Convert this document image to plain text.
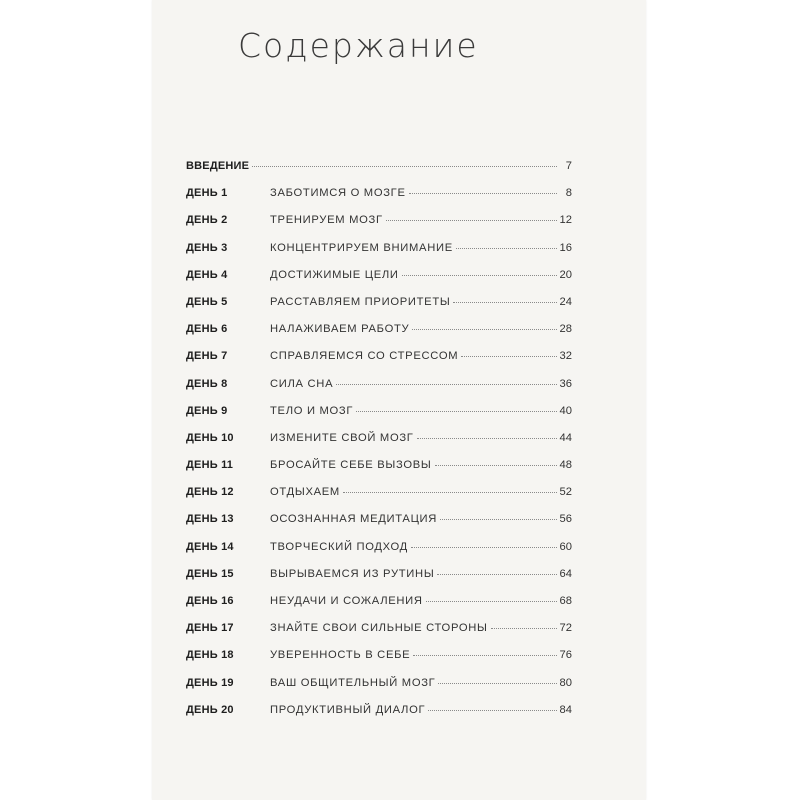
Содержание
ВВЕДЕНИЕ	7
ДЕНЬ 1	ЗАБОТИМСЯ О МОЗГЕ	8
ДЕНЬ 2	ТРЕНИРУЕМ МОЗГ	12
ДЕНЬ 3	КОНЦЕНТРИРУЕМ ВНИМАНИЕ	16
ДЕНЬ 4	ДОСТИЖИМЫЕ ЦЕЛИ	20
ДЕНЬ 5	РАССТАВЛЯЕМ ПРИОРИТЕТЫ	24
ДЕНЬ 6	НАЛАЖИВАЕМ РАБОТУ	28
ДЕНЬ 7	СПРАВЛЯЕМСЯ СО СТРЕССОМ	32
ДЕНЬ 8	СИЛА СНА	36
ДЕНЬ 9	ТЕЛО И МОЗГ	40
ДЕНЬ 10	ИЗМЕНИТЕ СВОЙ МОЗГ	44
ДЕНЬ 11	БРОСАЙТЕ СЕБЕ ВЫЗОВЫ	48
ДЕНЬ 12	ОТДЫХАЕМ	52
ДЕНЬ 13	ОСОЗНАННАЯ МЕДИТАЦИЯ	56
ДЕНЬ 14	ТВОРЧЕСКИЙ ПОДХОД	60
ДЕНЬ 15	ВЫРЫВАЕМСЯ ИЗ РУТИНЫ	64
ДЕНЬ 16	НЕУДАЧИ И СОЖАЛЕНИЯ	68
ДЕНЬ 17	ЗНАЙТЕ СВОИ СИЛЬНЫЕ СТОРОНЫ	72
ДЕНЬ 18	УВЕРЕННОСТЬ В СЕБЕ	76
ДЕНЬ 19	ВАШ ОБЩИТЕЛЬНЫЙ МОЗГ	80
ДЕНЬ 20	ПРОДУКТИВНЫЙ ДИАЛОГ	84
